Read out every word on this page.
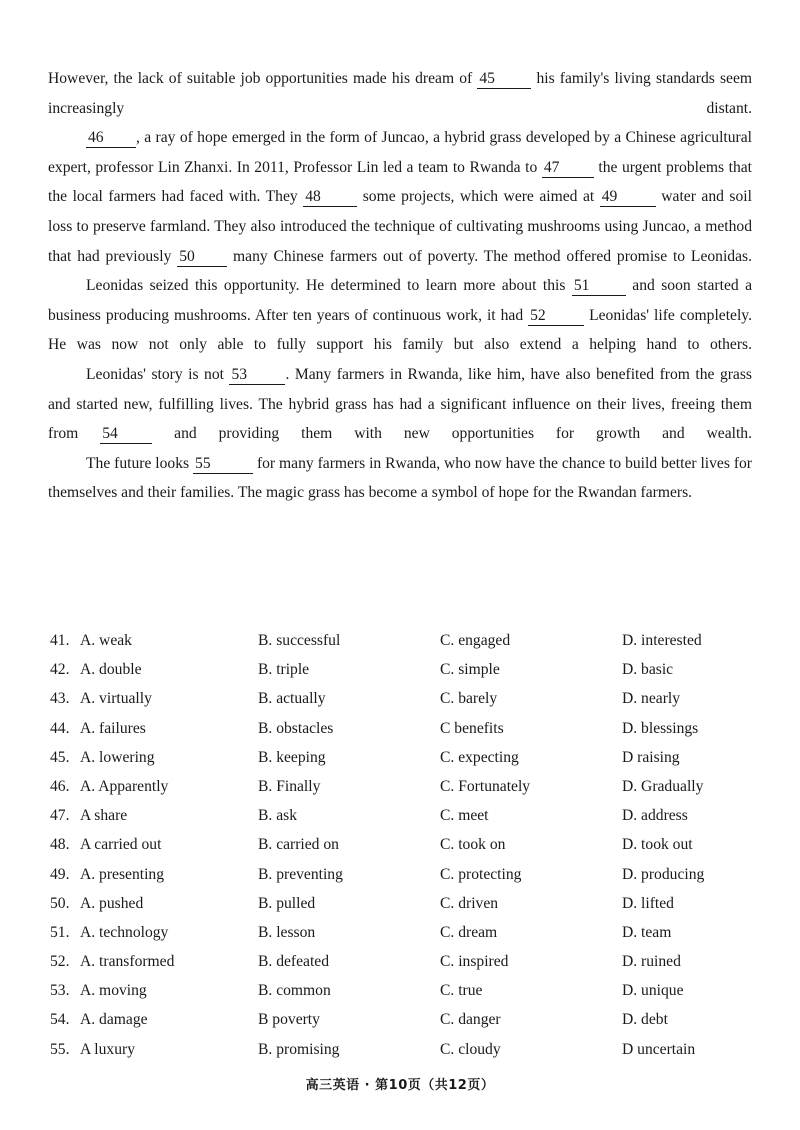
However, the lack of suitable job opportunities made his dream of 45	his family's living standards seem increasingly distant.

46 , a ray of hope emerged in the form of Juncao, a hybrid grass developed by a Chinese agricultural expert, professor Lin Zhanxi. In 2011, Professor Lin led a team to Rwanda to 47 the urgent problems that the local farmers had faced with. They 48	some projects, which were aimed at 49	water and soil loss to preserve farmland. They also introduced the technique of cultivating mushrooms using Juncao, a method that had previously 50 many Chinese farmers out of poverty. The method offered promise to Leonidas.

Leonidas seized this opportunity. He determined to learn more about this 51	and soon started a business producing mushrooms. After ten years of continuous work, it had 52	Leonidas' life completely. He was now not only able to fully support his family but also extend a helping hand to others.

Leonidas' story is not 53 . Many farmers in Rwanda, like him, have also benefited from the grass and started new, fulfilling lives. The hybrid grass has had a significant influence on their lives, freeing them from 54	and providing them with new opportunities for growth and wealth.

The future looks 55	for many farmers in Rwanda, who now have the chance to build better lives for themselves and their families. The magic grass has become a symbol of hope for the Rwandan farmers.

41. A. weak	B. successful	C. engaged	D. interested
42. A. double	B. triple	C. simple	D. basic
43. A. virtually	B. actually	C. barely	D. nearly
44. A. failures	B. obstacles	C benefits	D. blessings
45. A. lowering	B. keeping	C. expecting	D raising
46. A. Apparently	B. Finally	C. Fortunately	D. Gradually
47. A share	B. ask	C. meet	D. address
48. A carried out	B. carried on	C. took on	D. took out
49. A. presenting	B. preventing	C. protecting	D. producing
50. A. pushed	B. pulled	C. driven	D. lifted
51. A. technology	B. lesson	C. dream	D. team
52. A. transformed	B. defeated	C. inspired	D. ruined
53. A. moving	B. common	C. true	D. unique
54. A. damage	B poverty	C. danger	D. debt
55. A luxury	B. promising	C. cloudy	D uncertain
高三英语 · 第10页（共12页）
